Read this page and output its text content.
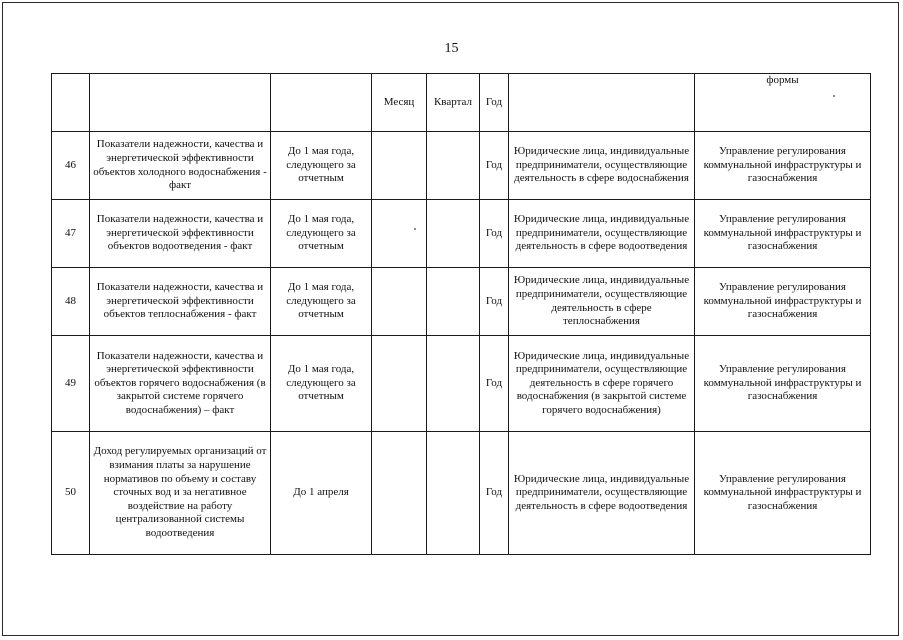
15
			Месяц	Квартал	Год		формы
46	Показатели надежности, качества и энергетической эффективности объектов холодного водоснабжения - факт	До 1 мая года, следующего за отчетным			Год	Юридические лица, индивидуальные предприниматели, осуществляющие деятельность в сфере водоснабжения	Управление регулирования коммунальной инфраструктуры и газоснабжения
47	Показатели надежности, качества и энергетической эффективности объектов водоотведения - факт	До 1 мая года, следующего за отчетным			Год	Юридические лица, индивидуальные предприниматели, осуществляющие деятельность в сфере водоотведения	Управление регулирования коммунальной инфраструктуры и газоснабжения
48	Показатели надежности, качества и энергетической эффективности объектов теплоснабжения - факт	До 1 мая года, следующего за отчетным			Год	Юридические лица, индивидуальные предприниматели, осуществляющие деятельность в сфере теплоснабжения	Управление регулирования коммунальной инфраструктуры и газоснабжения
49	Показатели надежности, качества и энергетической эффективности объектов горячего водоснабжения (в закрытой системе горячего водоснабжения) – факт	До 1 мая года, следующего за отчетным			Год	Юридические лица, индивидуальные предприниматели, осуществляющие деятельность в сфере горячего водоснабжения (в закрытой системе горячего водоснабжения)	Управление регулирования коммунальной инфраструктуры и газоснабжения
50	Доход регулируемых организаций от взимания платы за нарушение нормативов по объему и составу сточных вод и за негативное воздействие на работу централизованной системы водоотведения	До 1 апреля			Год	Юридические лица, индивидуальные предприниматели, осуществляющие деятельность в сфере водоотведения	Управление регулирования коммунальной инфраструктуры и газоснабжения
